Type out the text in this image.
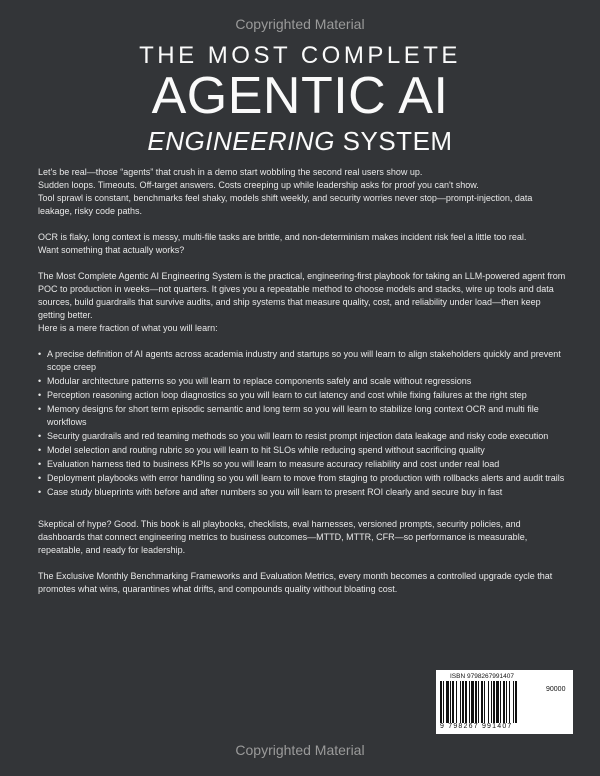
Copyrighted Material
THE MOST COMPLETE
AGENTIC AI
ENGINEERING SYSTEM

Let's be real—those “agents” that crush in a demo start wobbling the second real users show up.
Sudden loops. Timeouts. Off-target answers. Costs creeping up while leadership asks for proof you can't show.
Tool sprawl is constant, benchmarks feel shaky, models shift weekly, and security worries never stop—prompt-injection, data leakage, risky code paths.

OCR is flaky, long context is messy, multi-file tasks are brittle, and non-determinism makes incident risk feel a little too real.
Want something that actually works?

The Most Complete Agentic AI Engineering System is the practical, engineering-first playbook for taking an LLM-powered agent from POC to production in weeks—not quarters. It gives you a repeatable method to choose models and stacks, wire up tools and data sources, build guardrails that survive audits, and ship systems that measure quality, cost, and reliability under load—then keep getting better.
Here is a mere fraction of what you will learn:

• A precise definition of AI agents across academia industry and startups so you will learn to align stakeholders quickly and prevent scope creep
• Modular architecture patterns so you will learn to replace components safely and scale without regressions
• Perception reasoning action loop diagnostics so you will learn to cut latency and cost while fixing failures at the right step
• Memory designs for short term episodic semantic and long term so you will learn to stabilize long context OCR and multi file workflows
• Security guardrails and red teaming methods so you will learn to resist prompt injection data leakage and risky code execution
• Model selection and routing rubric so you will learn to hit SLOs while reducing spend without sacrificing quality
• Evaluation harness tied to business KPIs so you will learn to measure accuracy reliability and cost under real load
• Deployment playbooks with error handling so you will learn to move from staging to production with rollbacks alerts and audit trails
• Case study blueprints with before and after numbers so you will learn to present ROI clearly and secure buy in fast

Skeptical of hype? Good. This book is all playbooks, checklists, eval harnesses, versioned prompts, security policies, and dashboards that connect engineering metrics to business outcomes—MTTD, MTTR, CFR—so performance is measurable, repeatable, and ready for leadership.

The Exclusive Monthly Benchmarking Frameworks and Evaluation Metrics, every month becomes a controlled upgrade cycle that promotes what wins, quarantines what drifts, and compounds quality without bloating cost.

ISBN 9798267991407
90000
9 798267 991407
Copyrighted Material
